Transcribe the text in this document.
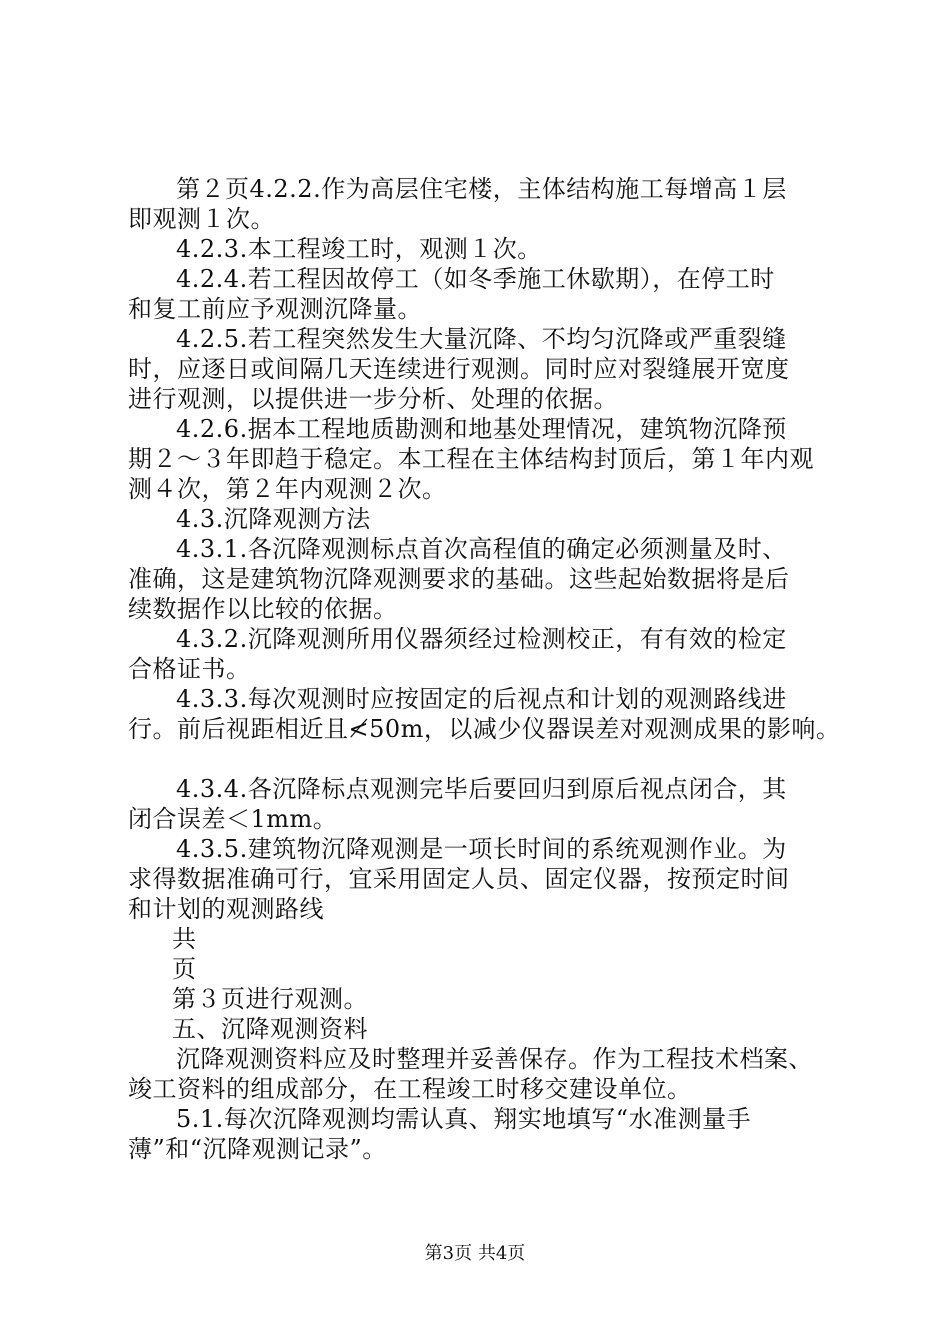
第２页4.2.2.作为高层住宅楼，主体结构施工每增高１层
即观测１次。
4.2.3.本工程竣工时，观测１次。
4.2.4.若工程因故停工（如冬季施工休歇期），在停工时
和复工前应予观测沉降量。
4.2.5.若工程突然发生大量沉降、不均匀沉降或严重裂缝
时，应逐日或间隔几天连续进行观测。同时应对裂缝展开宽度
进行观测，以提供进一步分析、处理的依据。
4.2.6.据本工程地质勘测和地基处理情况，建筑物沉降预
期２～３年即趋于稳定。本工程在主体结构封顶后，第１年内观
测４次，第２年内观测２次。
4.3.沉降观测方法
4.3.1.各沉降观测标点首次高程值的确定必须测量及时、
准确，这是建筑物沉降观测要求的基础。这些起始数据将是后
续数据作以比较的依据。
4.3.2.沉降观测所用仪器须经过检测校正，有有效的检定
合格证书。
4.3.3.每次观测时应按固定的后视点和计划的观测路线进
行。前后视距相近且≮50m，以减少仪器误差对观测成果的影响。
4.3.4.各沉降标点观测完毕后要回归到原后视点闭合，其
闭合误差＜1mm。
4.3.5.建筑物沉降观测是一项长时间的系统观测作业。为
求得数据准确可行，宜采用固定人员、固定仪器，按预定时间
和计划的观测路线
共
页
第３页进行观测。
五、沉降观测资料
沉降观测资料应及时整理并妥善保存。作为工程技术档案、
竣工资料的组成部分，在工程竣工时移交建设单位。
5.1.每次沉降观测均需认真、翔实地填写“水准测量手
薄”和“沉降观测记录”。
第3页 共4页
